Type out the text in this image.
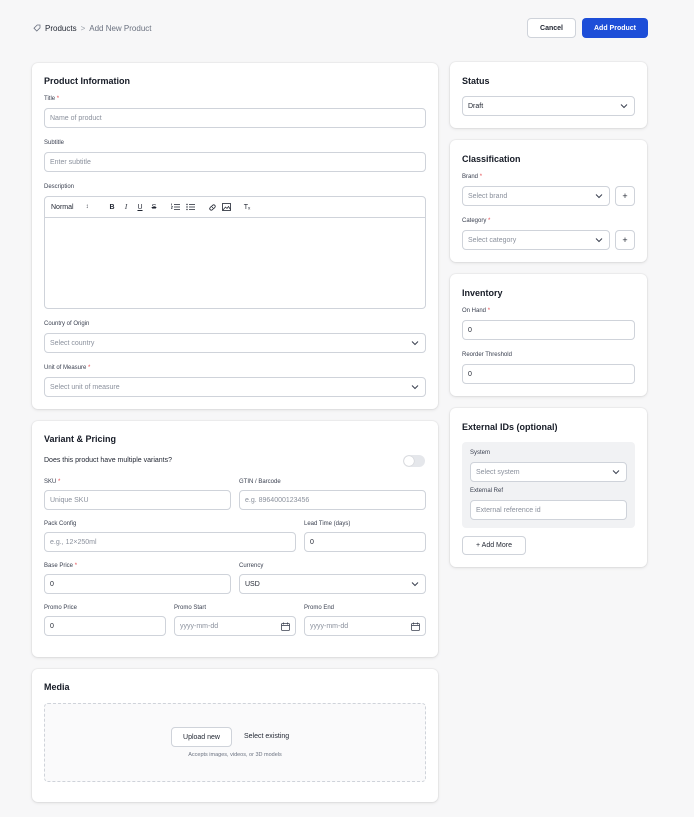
Products > Add New Product	Cancel	Add Product
Product Information
Title *
Name of product
Subtitle
Enter subtitle
Description
Normal ↕	B	I	U	S	Tₓ
Country of Origin
Select country
Unit of Measure *
Select unit of measure
Variant & Pricing
Does this product have multiple variants?
SKU *
Unique SKU
GTIN / Barcode
e.g. 8964000123456
Pack Config
e.g., 12×250ml
Lead Time (days)
0
Base Price *
0
Currency
USD
Promo Price
0
Promo Start
yyyy-mm-dd
Promo End
yyyy-mm-dd
Media
Upload new	Select existing
Accepts images, videos, or 3D models
Status
Draft
Classification
Brand *
Select brand	+
Category *
Select category	+
Inventory
On Hand *
0
Reorder Threshold
0
External IDs (optional)
System
Select system
External Ref
External reference id
+ Add More
